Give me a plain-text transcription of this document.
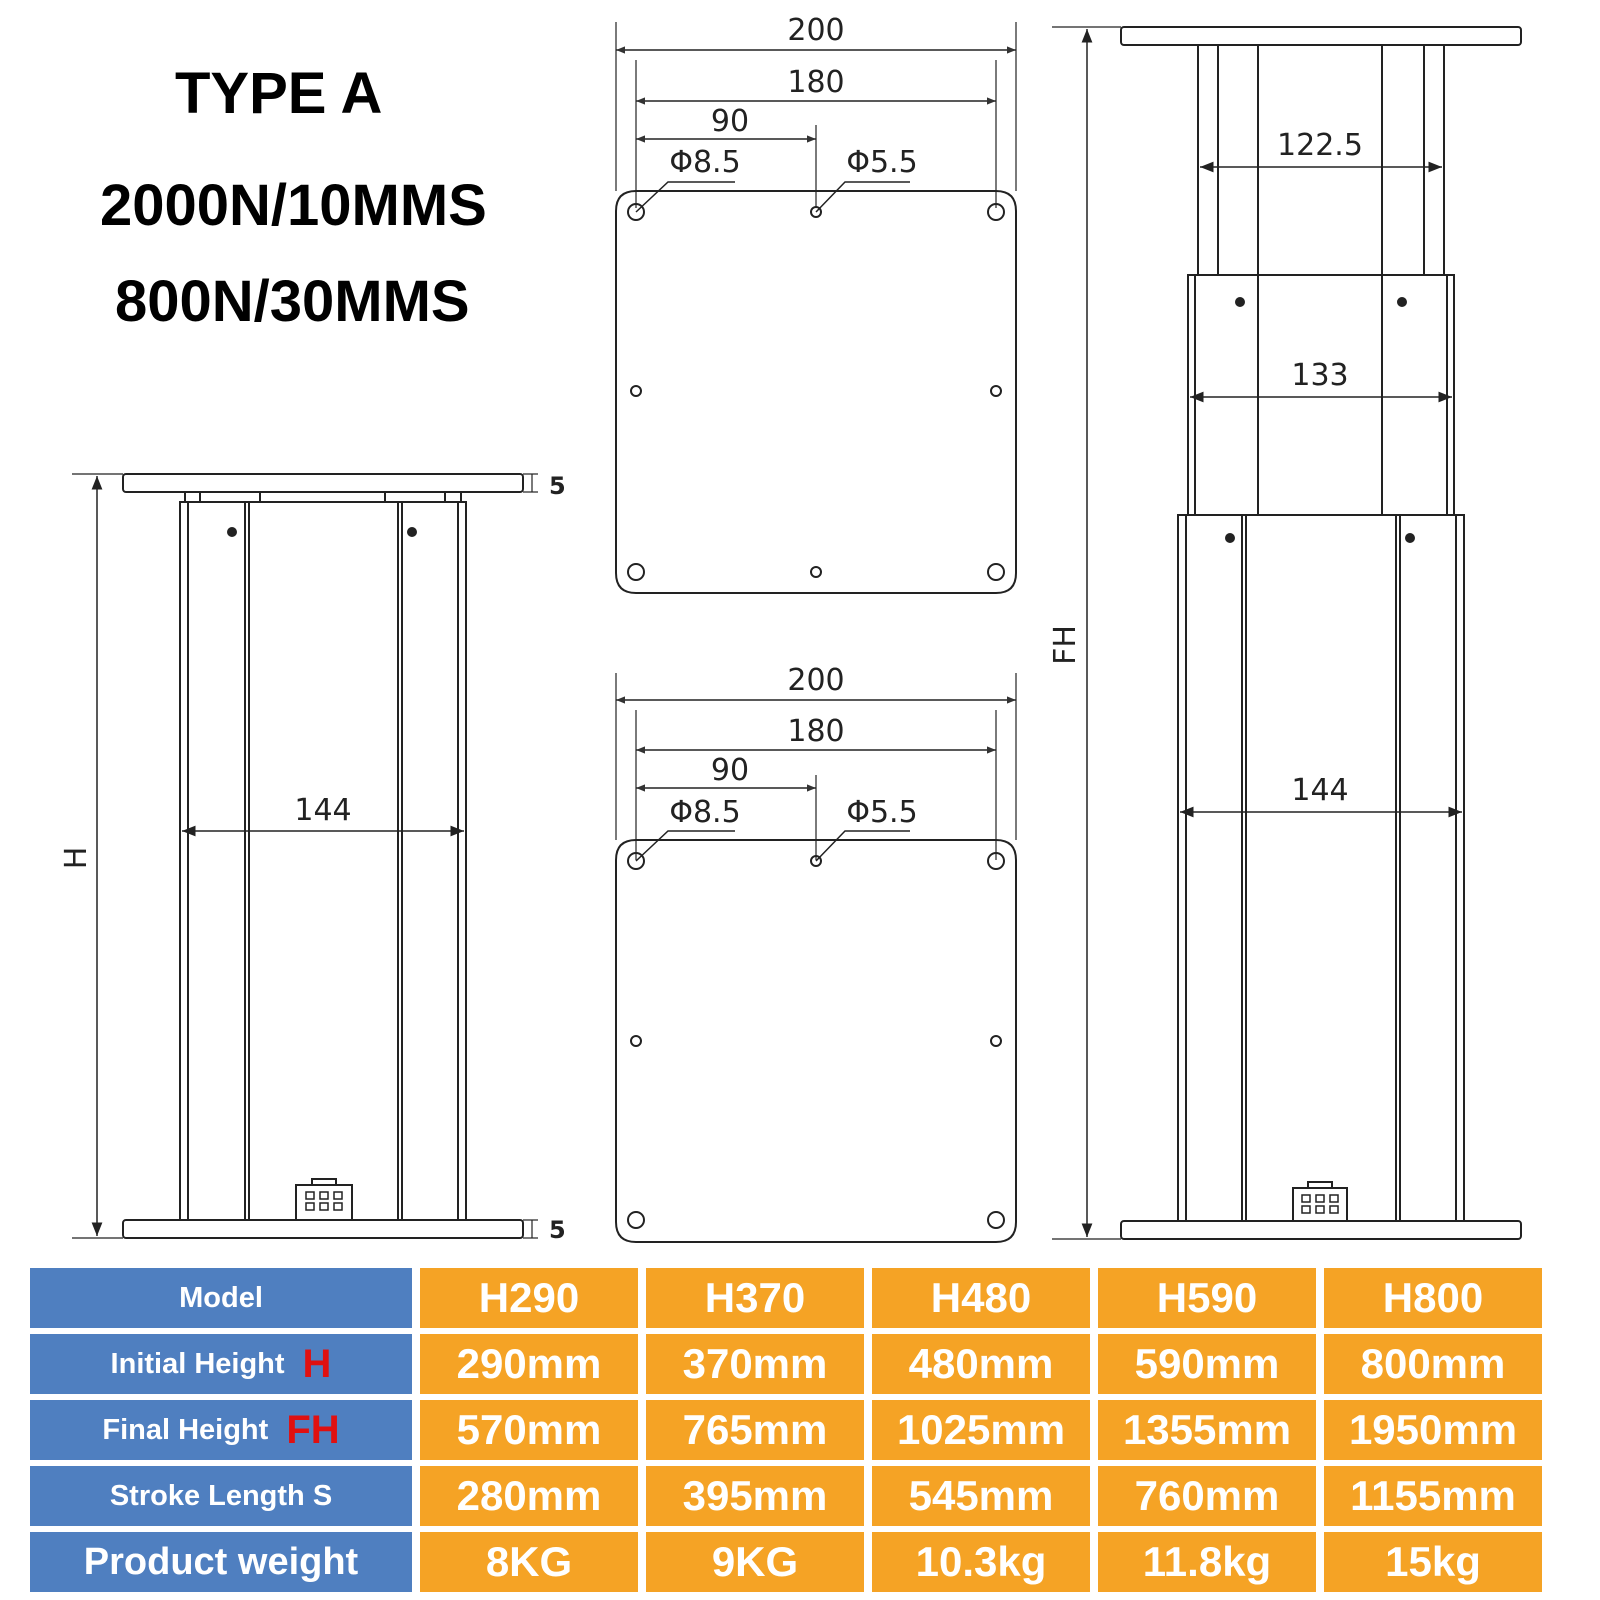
TYPE A
2000N/10MMS
800N/30MMS
H
144
5
5
200
180
90
Φ8.5	Φ5.5
200
180
90
Φ8.5	Φ5.5
FH
122.5
133
144
Model	H290	H370	H480	H590	H800
Initial Height H	290mm	370mm	480mm	590mm	800mm
Final Height FH	570mm	765mm	1025mm	1355mm	1950mm
Stroke Length S	280mm	395mm	545mm	760mm	1155mm
Product weight	8KG	9KG	10.3kg	11.8kg	15kg
